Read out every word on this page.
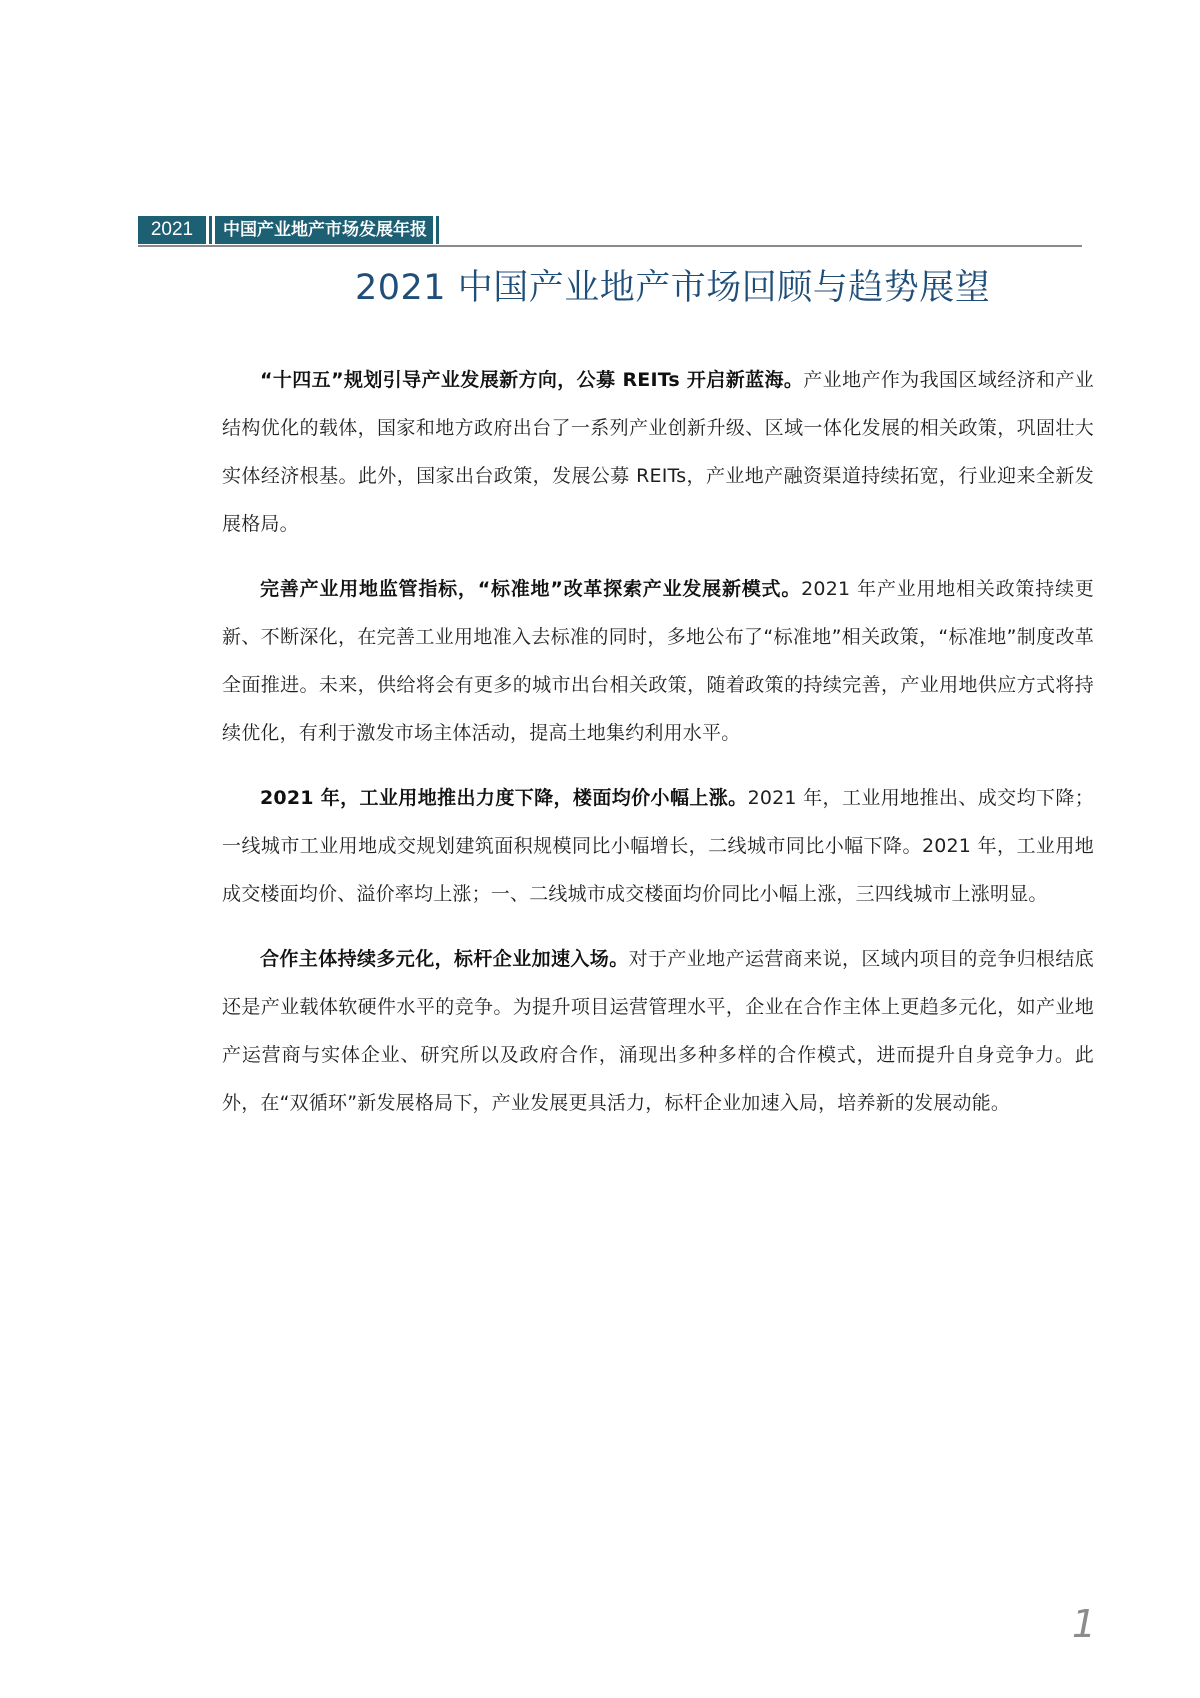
2021	中国产业地产市场发展年报
2021 中国产业地产市场回顾与趋势展望

“十四五”规划引导产业发展新方向，公募 REITs 开启新蓝海。产业地产作为我国区域经济和产业结构优化的载体，国家和地方政府出台了一系列产业创新升级、区域一体化发展的相关政策，巩固壮大实体经济根基。此外，国家出台政策，发展公募 REITs，产业地产融资渠道持续拓宽，行业迎来全新发展格局。

完善产业用地监管指标，“标准地”改革探索产业发展新模式。2021 年产业用地相关政策持续更新、不断深化，在完善工业用地准入去标准的同时，多地公布了“标准地”相关政策，“标准地”制度改革全面推进。未来，供给将会有更多的城市出台相关政策，随着政策的持续完善，产业用地供应方式将持续优化，有利于激发市场主体活动，提高土地集约利用水平。

2021 年，工业用地推出力度下降，楼面均价小幅上涨。2021 年，工业用地推出、成交均下降；一线城市工业用地成交规划建筑面积规模同比小幅增长，二线城市同比小幅下降。2021 年，工业用地成交楼面均价、溢价率均上涨；一、二线城市成交楼面均价同比小幅上涨，三四线城市上涨明显。

合作主体持续多元化，标杆企业加速入场。对于产业地产运营商来说，区域内项目的竞争归根结底还是产业载体软硬件水平的竞争。为提升项目运营管理水平，企业在合作主体上更趋多元化，如产业地产运营商与实体企业、研究所以及政府合作，涌现出多种多样的合作模式，进而提升自身竞争力。此外，在“双循环”新发展格局下，产业发展更具活力，标杆企业加速入局，培养新的发展动能。

1
